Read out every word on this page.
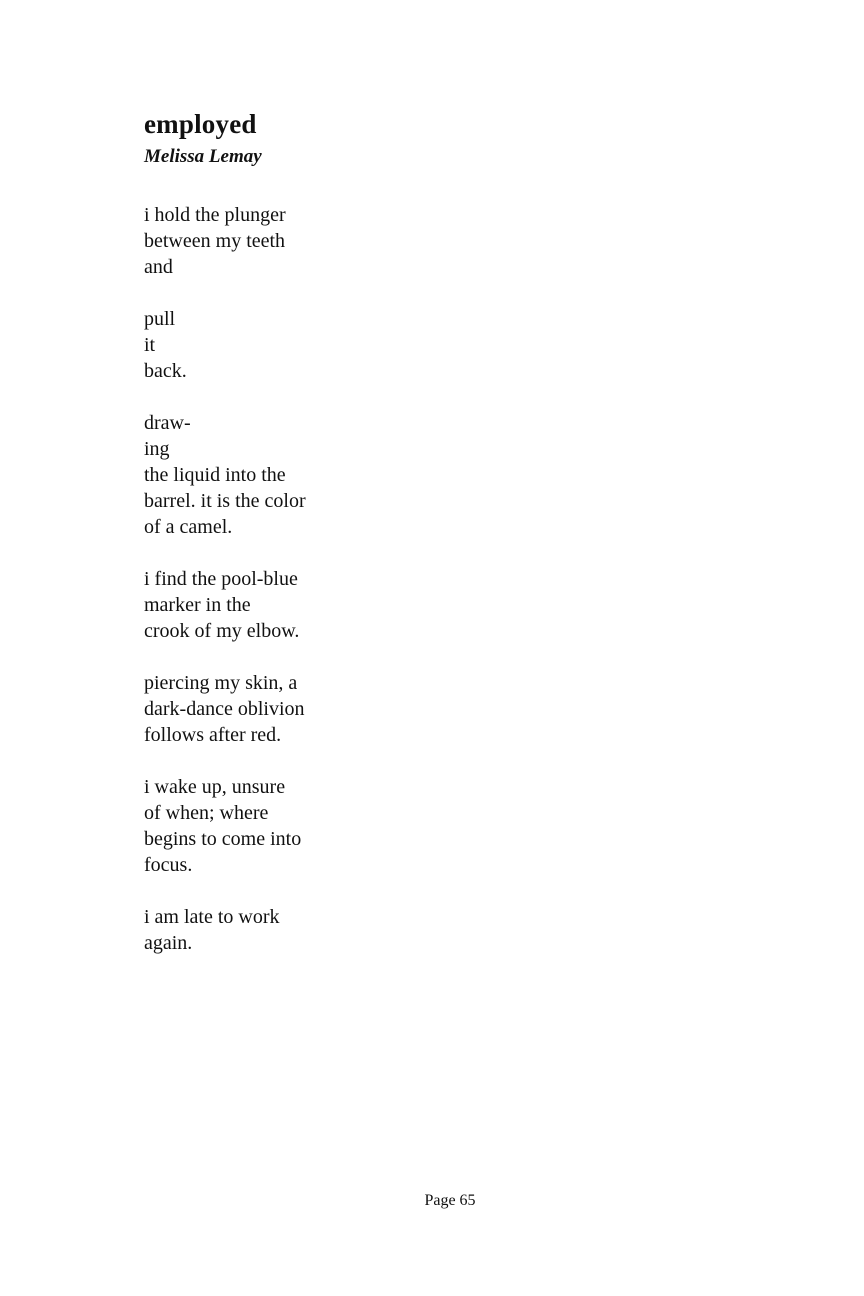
employed
Melissa Lemay
i hold the plunger
between my teeth
and
pull
it
back.
draw-
ing
the liquid into the
barrel. it is the color
of a camel.
i find the pool-blue
marker in the
crook of my elbow.
piercing my skin, a
dark-dance oblivion
follows after red.
i wake up, unsure
of when; where
begins to come into
focus.
i am late to work
again.
Page 65
